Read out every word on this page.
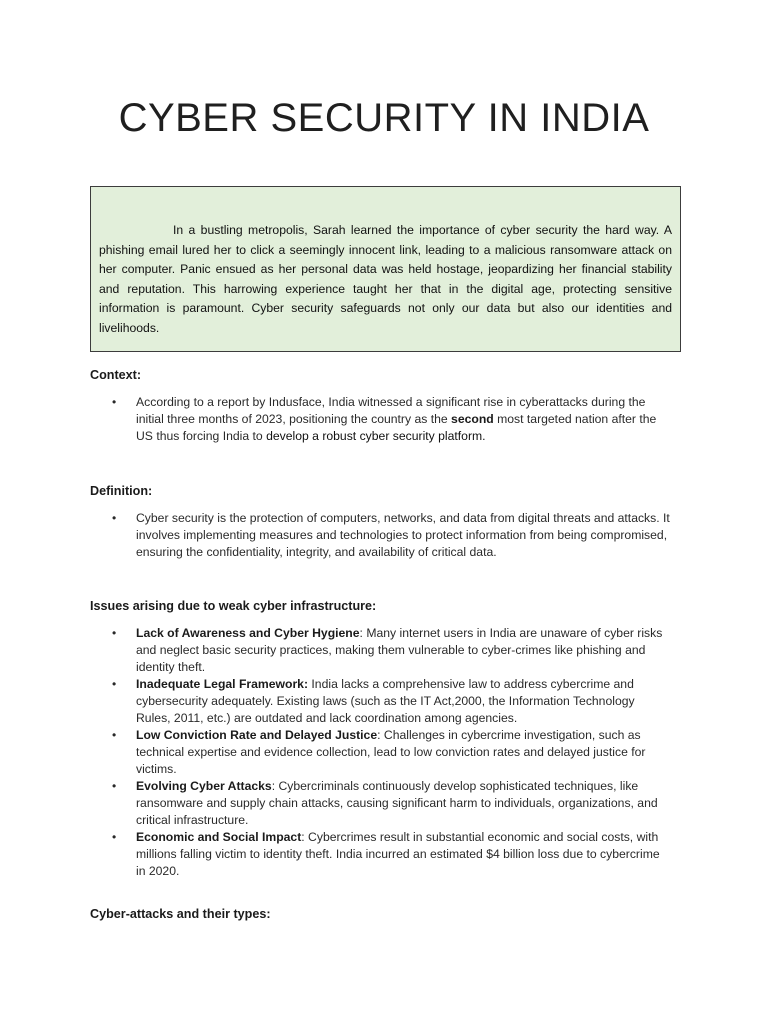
CYBER SECURITY IN INDIA

In a bustling metropolis, Sarah learned the importance of cyber security the hard way. A phishing email lured her to click a seemingly innocent link, leading to a malicious ransomware attack on her computer. Panic ensued as her personal data was held hostage, jeopardizing her financial stability and reputation. This harrowing experience taught her that in the digital age, protecting sensitive information is paramount. Cyber security safeguards not only our data but also our identities and livelihoods.

Context:

• According to a report by Indusface, India witnessed a significant rise in cyberattacks during the initial three months of 2023, positioning the country as the second most targeted nation after the US thus forcing India to develop a robust cyber security platform.

Definition:

• Cyber security is the protection of computers, networks, and data from digital threats and attacks. It involves implementing measures and technologies to protect information from being compromised, ensuring the confidentiality, integrity, and availability of critical data.

Issues arising due to weak cyber infrastructure:

• Lack of Awareness and Cyber Hygiene: Many internet users in India are unaware of cyber risks and neglect basic security practices, making them vulnerable to cyber-crimes like phishing and identity theft.
• Inadequate Legal Framework: India lacks a comprehensive law to address cybercrime and cybersecurity adequately. Existing laws (such as the IT Act,2000, the Information Technology Rules, 2011, etc.) are outdated and lack coordination among agencies.
• Low Conviction Rate and Delayed Justice: Challenges in cybercrime investigation, such as technical expertise and evidence collection, lead to low conviction rates and delayed justice for victims.
• Evolving Cyber Attacks: Cybercriminals continuously develop sophisticated techniques, like ransomware and supply chain attacks, causing significant harm to individuals, organizations, and critical infrastructure.
• Economic and Social Impact: Cybercrimes result in substantial economic and social costs, with millions falling victim to identity theft. India incurred an estimated $4 billion loss due to cybercrime in 2020.

Cyber-attacks and their types:
